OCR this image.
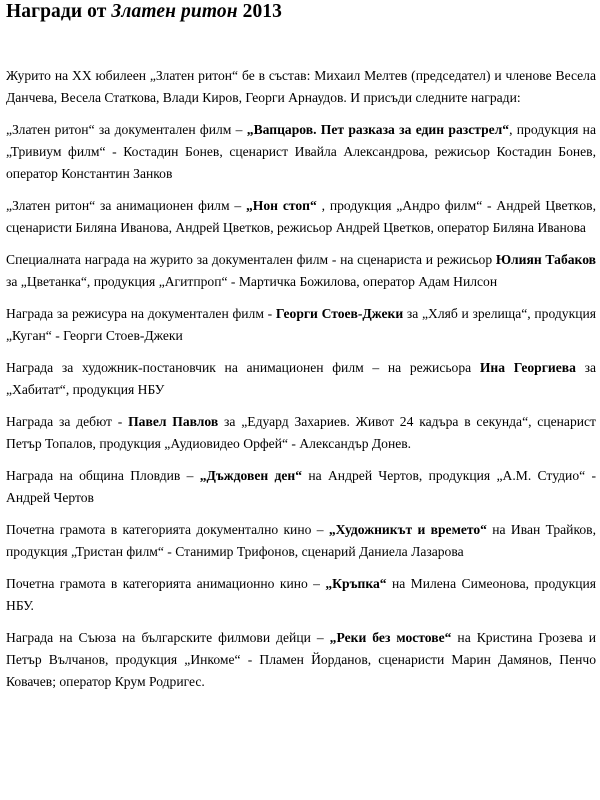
Награди от Златен ритон 2013

Журито на XX юбилеен „Златен ритон“ бе в състав: Михаил Мелтев (председател) и членове Весела Данчева, Весела Статкова, Влади Киров, Георги Арнаудов. И присъди следните награди:

„Златен ритон“ за документален филм – „Вапцаров. Пет разказа за един разстрел“, продукция на „Тривиум филм“ - Костадин Бонев, сценарист Ивайла Александрова, режисьор Костадин Бонев, оператор Константин Занков

„Златен ритон“ за анимационен филм – „Нон стоп“ , продукция „Андро филм“ - Андрей Цветков, сценаристи Биляна Иванова, Андрей Цветков, режисьор Андрей Цветков, оператор Биляна Иванова

Специалната награда на журито за документален филм - на сценариста и режисьор Юлиян Табаков за „Цветанка“, продукция „Агитпроп“ - Мартичка Божилова, оператор Адам Нилсон

Награда за режисура на документален филм - Георги Стоев-Джеки за „Хляб и зрелища“, продукция „Куган“ - Георги Стоев-Джеки

Награда за художник-постановчик на анимационен филм – на режисьора Ина Георгиева за „Хабитат“, продукция НБУ

Награда за дебют - Павел Павлов за „Едуард Захариев. Живот 24 кадъра в секунда“, сценарист Петър Топалов, продукция „Аудиовидео Орфей“ - Александър Донев.

Награда на община Пловдив – „Дъждовен ден“ на Андрей Чертов, продукция „А.М. Студио“ - Андрей Чертов

Почетна грамота в категорията документално кино – „Художникът и времето“ на Иван Трайков, продукция „Тристан филм“ - Станимир Трифонов, сценарий Даниела Лазарова

Почетна грамота в категорията анимационно кино – „Кръпка“ на Милена Симеонова, продукция НБУ.

Награда на Съюза на българските филмови дейци – „Реки без мостове“ на Кристина Грозева и Петър Вълчанов, продукция „Инкоме“ - Пламен Йорданов, сценаристи Марин Дамянов, Пенчо Ковачев; оператор Крум Родригес.
